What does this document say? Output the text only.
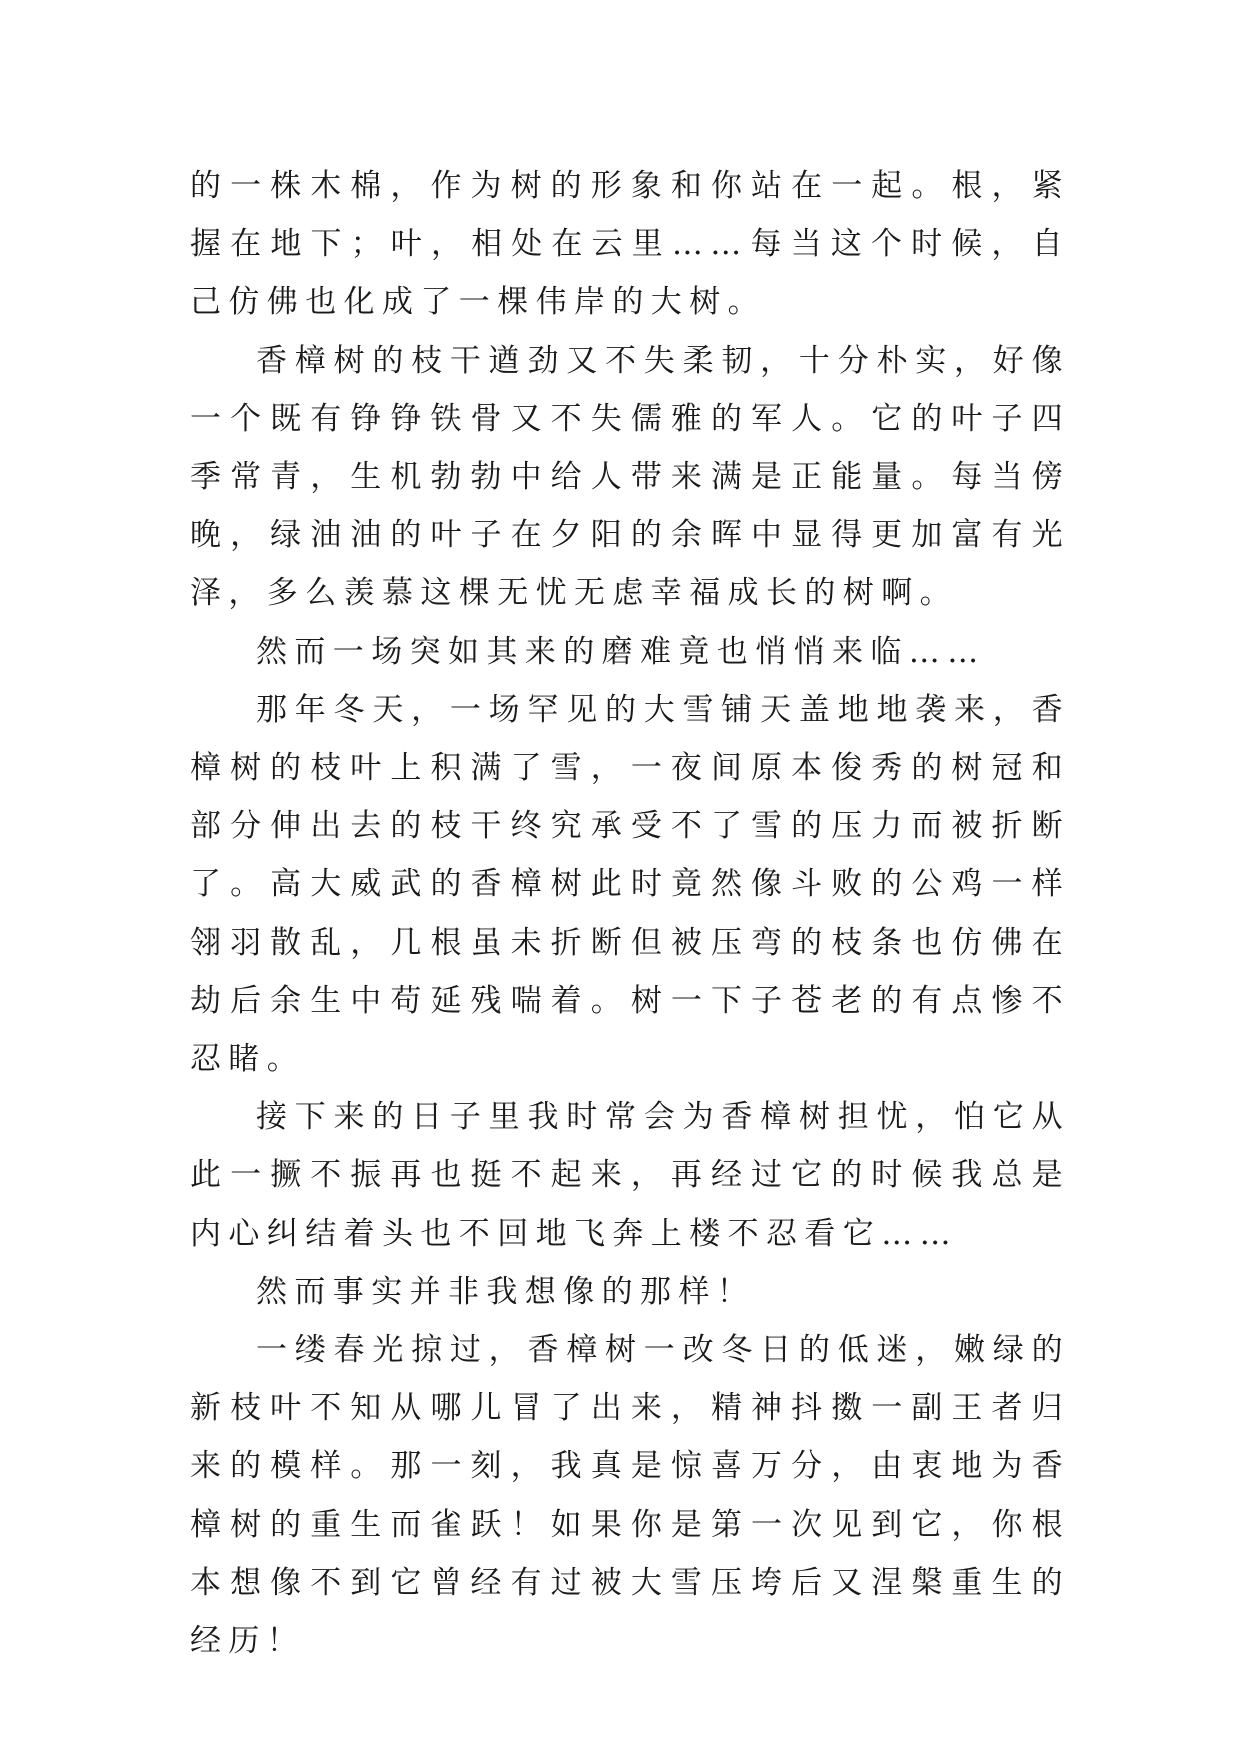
的一株木棉，作为树的形象和你站在一起。根，紧握在地下；叶，相处在云里……每当这个时候，自己仿佛也化成了一棵伟岸的大树。

香樟树的枝干遒劲又不失柔韧，十分朴实，好像一个既有铮铮铁骨又不失儒雅的军人。它的叶子四季常青，生机勃勃中给人带来满是正能量。每当傍晚，绿油油的叶子在夕阳的余晖中显得更加富有光泽，多么羡慕这棵无忧无虑幸福成长的树啊。

然而一场突如其来的磨难竟也悄悄来临……

那年冬天，一场罕见的大雪铺天盖地地袭来，香樟树的枝叶上积满了雪，一夜间原本俊秀的树冠和部分伸出去的枝干终究承受不了雪的压力而被折断了。高大威武的香樟树此时竟然像斗败的公鸡一样翎羽散乱，几根虽未折断但被压弯的枝条也仿佛在劫后余生中苟延残喘着。树一下子苍老的有点惨不忍睹。

接下来的日子里我时常会为香樟树担忧，怕它从此一撅不振再也挺不起来，再经过它的时候我总是内心纠结着头也不回地飞奔上楼不忍看它……

然而事实并非我想像的那样！

一缕春光掠过，香樟树一改冬日的低迷，嫩绿的新枝叶不知从哪儿冒了出来，精神抖擞一副王者归来的模样。那一刻，我真是惊喜万分，由衷地为香樟树的重生而雀跃！如果你是第一次见到它，你根本想像不到它曾经有过被大雪压垮后又涅槃重生的经历！
